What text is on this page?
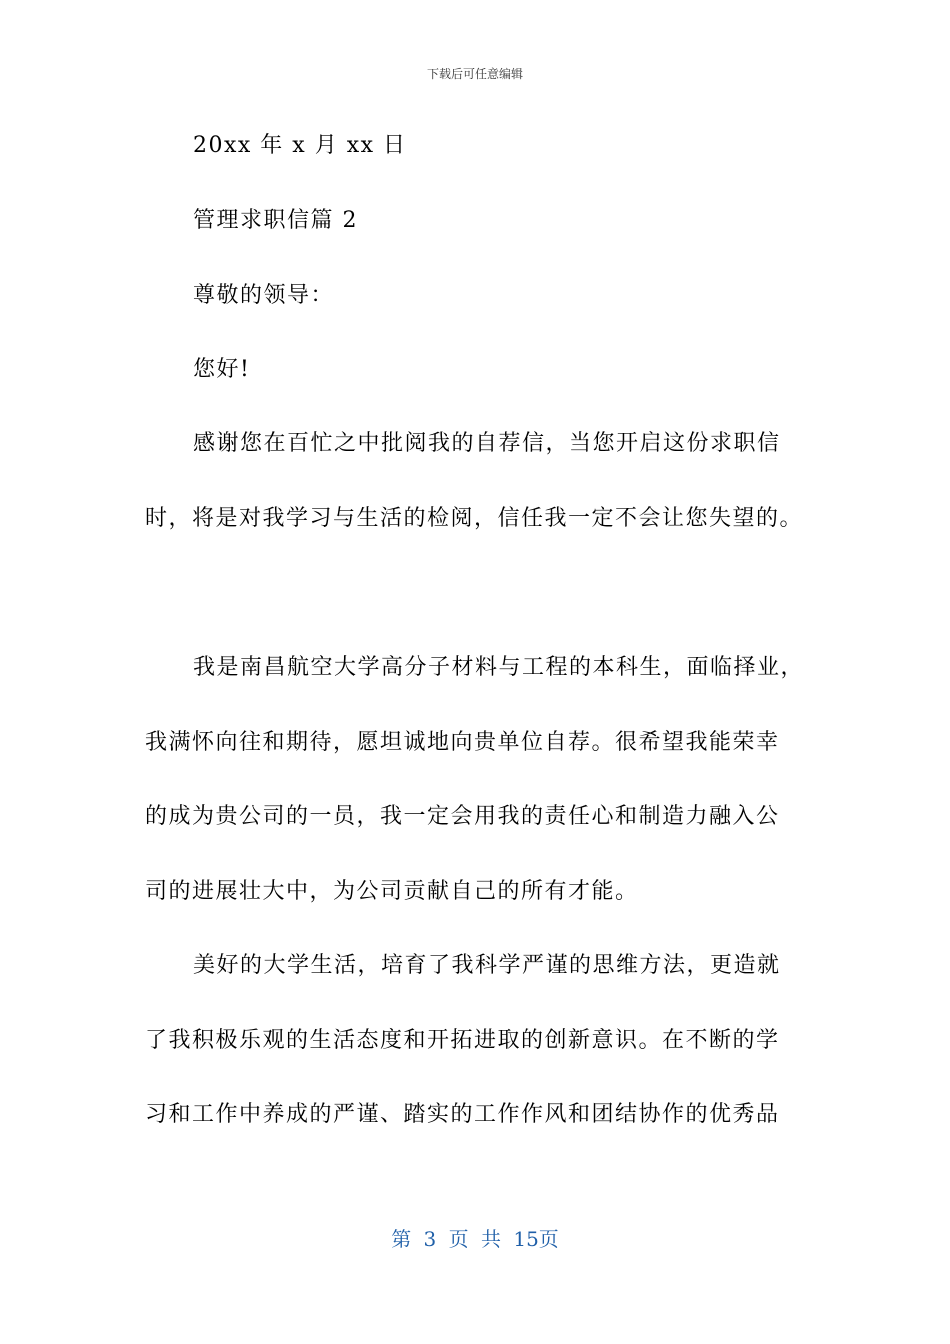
下载后可任意编辑
20xx 年 x 月 xx 日
管理求职信篇 2
尊敬的领导：
您好!
感谢您在百忙之中批阅我的自荐信，当您开启这份求职信
时，将是对我学习与生活的检阅，信任我一定不会让您失望的。
我是南昌航空大学高分子材料与工程的本科生，面临择业，
我满怀向往和期待，愿坦诚地向贵单位自荐。很希望我能荣幸
的成为贵公司的一员，我一定会用我的责任心和制造力融入公
司的进展壮大中，为公司贡献自己的所有才能。
美好的大学生活，培育了我科学严谨的思维方法，更造就
了我积极乐观的生活态度和开拓进取的创新意识。在不断的学
习和工作中养成的严谨、踏实的工作作风和团结协作的优秀品
第 3 页 共 15页
